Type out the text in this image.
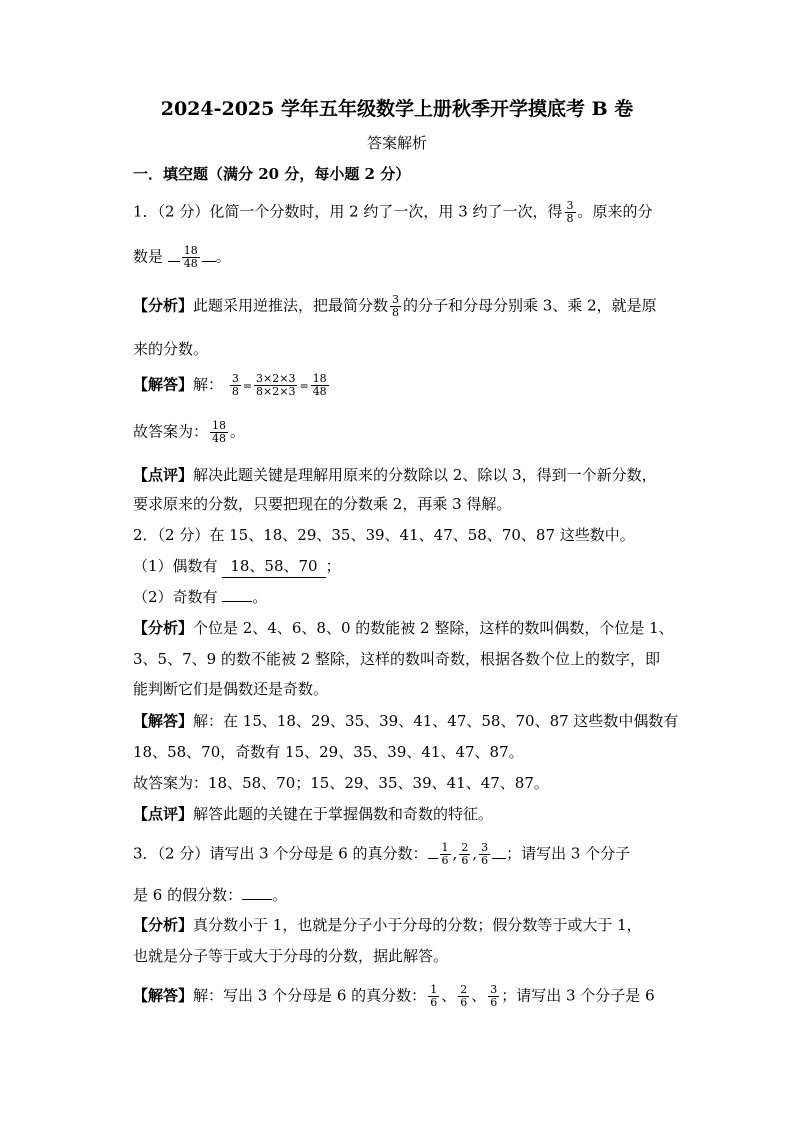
2024-2025 学年五年级数学上册秋季开学摸底考 B 卷
答案解析
一．填空题（满分 20 分，每小题 2 分）
1．（2 分）化简一个分数时，用 2 约了一次，用 3 约了一次，得 $\frac{3}{8}$ 。原来的分
数是 $\frac{18}{48}$ 。
【分析】此题采用逆推法，把最简分数 $\frac{3}{8}$ 的分子和分母分别乘 3、乘 2，就是原
来的分数。
【解答】解： $\frac{3}{8} = \frac{3\times 2\times 3}{8\times 2\times 3} = \frac{18}{48}$
故答案为： $\frac{18}{48}$ 。
【点评】解决此题关键是理解用原来的分数除以 2、除以 3，得到一个新分数，
要求原来的分数，只要把现在的分数乘 2，再乘 3 得解。
2．（2 分）在 15、18、29、35、39、41、47、58、70、87 这些数中。
（1）偶数有 18、58、70 ；
（2）奇数有 。
【分析】个位是 2、4、6、8、0 的数能被 2 整除，这样的数叫偶数，个位是 1、
3、5、7、9 的数不能被 2 整除，这样的数叫奇数，根据各数个位上的数字，即
能判断它们是偶数还是奇数。
【解答】解：在 15、18、29、35、39、41、47、58、70、87 这些数中偶数有
18、58、70，奇数有 15、29、35、39、41、47、87。
故答案为：18、58、70；15、29、35、39、41、47、87。
【点评】解答此题的关键在于掌握偶数和奇数的特征。
3．（2 分）请写出 3 个分母是 6 的真分数： $\frac{1}{6}$ , $\frac{2}{6}$ , $\frac{3}{6}$ ；请写出 3 个分子
是 6 的假分数： 。
【分析】真分数小于 1，也就是分子小于分母的分数；假分数等于或大于 1，
也就是分子等于或大于分母的分数，据此解答。
【解答】解：写出 3 个分母是 6 的真分数： $\frac{1}{6}$ 、 $\frac{2}{6}$ 、 $\frac{3}{6}$ ；请写出 3 个分子是 6
